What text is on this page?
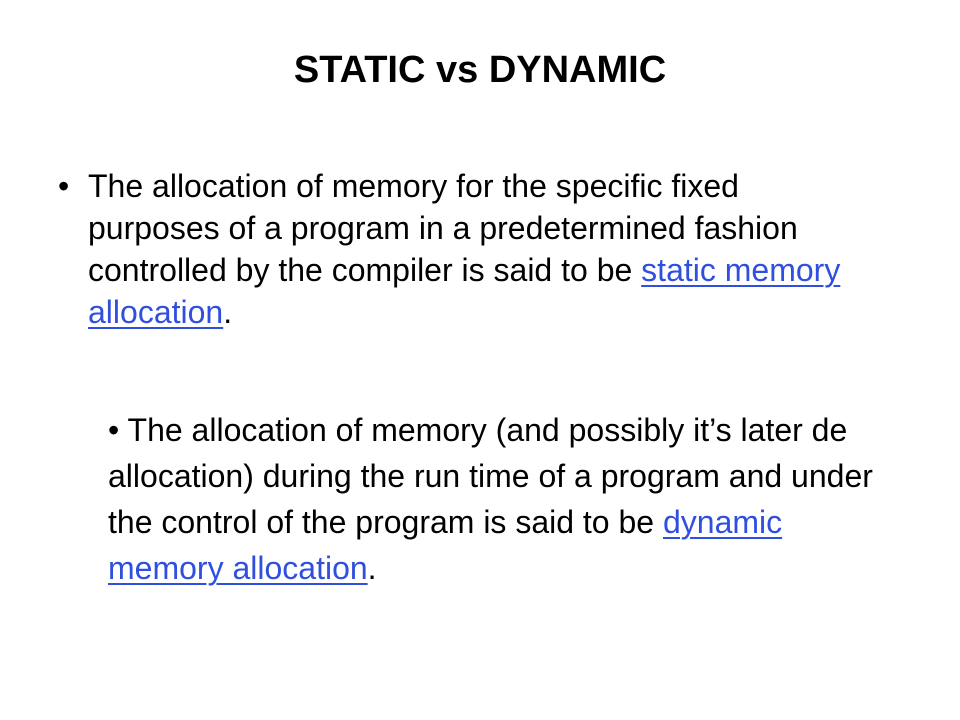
STATIC vs DYNAMIC
• The allocation of memory for the specific fixed purposes of a program in a predetermined fashion controlled by the compiler is said to be static memory allocation.
• The allocation of memory (and possibly it’s later de allocation) during the run time of a program and under the control of the program is said to be dynamic memory allocation.
